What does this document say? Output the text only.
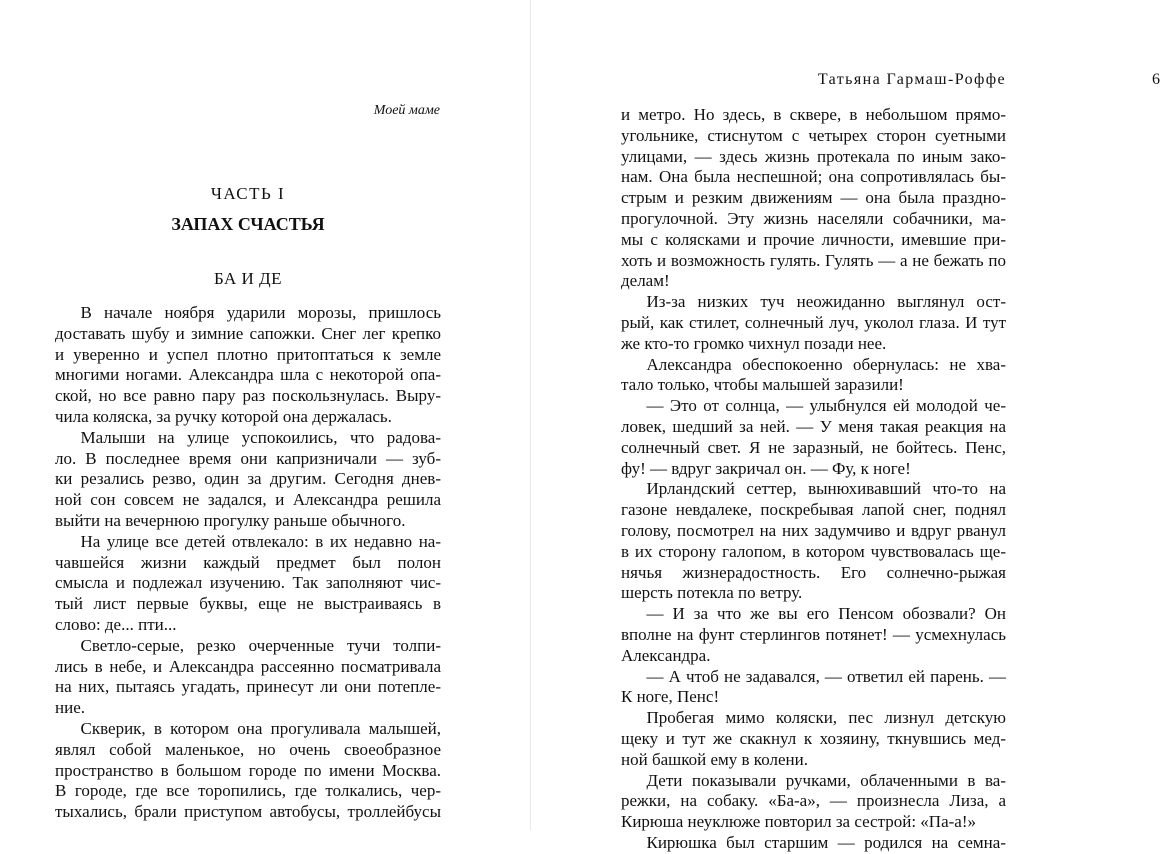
Моей маме
ЧАСТЬ I
ЗАПАХ СЧАСТЬЯ
БА И ДЕ
  В начале ноября ударили морозы, пришлось
доставать шубу и зимние сапожки. Снег лег крепко
и уверенно и успел плотно притоптаться к земле
многими ногами. Александра шла с некоторой опа-
ской, но все равно пару раз поскользнулась. Выру-
чила коляска, за ручку которой она держалась.
  Малыши на улице успокоились, что радова-
ло. В последнее время они капризничали — зуб-
ки резались резво, один за другим. Сегодня днев-
ной сон совсем не задался, и Александра решила
выйти на вечернюю прогулку раньше обычного.
  На улице все детей отвлекало: в их недавно на-
чавшейся жизни каждый предмет был полон
смысла и подлежал изучению. Так заполняют чис-
тый лист первые буквы, еще не выстраиваясь в
слово: де... пти...
  Светло-серые, резко очерченные тучи толпи-
лись в небе, и Александра рассеянно посматривала
на них, пытаясь угадать, принесут ли они потепле-
ние.
  Скверик, в котором она прогуливала малышей,
являл собой маленькое, но очень своеобразное
пространство в большом городе по имени Москва.
В городе, где все торопились, где толкались, чер-
тыхались, брали приступом автобусы, троллейбусы
6
Татьяна Гармаш-Роффе
и метро. Но здесь, в сквере, в небольшом прямо-
угольнике, стиснутом с четырех сторон суетными
улицами, — здесь жизнь протекала по иным зако-
нам. Она была неспешной; она сопротивлялась бы-
стрым и резким движениям — она была праздно-
прогулочной. Эту жизнь населяли собачники, ма-
мы с колясками и прочие личности, имевшие при-
хоть и возможность гулять. Гулять — а не бежать по
делам!
  Из-за низких туч неожиданно выглянул ост-
рый, как стилет, солнечный луч, уколол глаза. И тут
же кто-то громко чихнул позади нее.
  Александра обеспокоенно обернулась: не хва-
тало только, чтобы малышей заразили!
  — Это от солнца, — улыбнулся ей молодой че-
ловек, шедший за ней. — У меня такая реакция на
солнечный свет. Я не заразный, не бойтесь. Пенс,
фу! — вдруг закричал он. — Фу, к ноге!
  Ирландский сеттер, вынюхивавший что-то на
газоне невдалеке, поскребывая лапой снег, поднял
голову, посмотрел на них задумчиво и вдруг рванул
в их сторону галопом, в котором чувствовалась ще-
нячья жизнерадостность. Его солнечно-рыжая
шерсть потекла по ветру.
  — И за что же вы его Пенсом обозвали? Он
вполне на фунт стерлингов потянет! — усмехнулась
Александра.
  — А чтоб не задавался, — ответил ей парень. —
К ноге, Пенс!
  Пробегая мимо коляски, пес лизнул детскую
щеку и тут же скакнул к хозяину, ткнувшись мед-
ной башкой ему в колени.
  Дети показывали ручками, облаченными в ва-
режки, на собаку. «Ба-а», — произнесла Лиза, а
Кирюша неуклюже повторил за сестрой: «Па-а!»
  Кирюшка был старшим — родился на семна-
